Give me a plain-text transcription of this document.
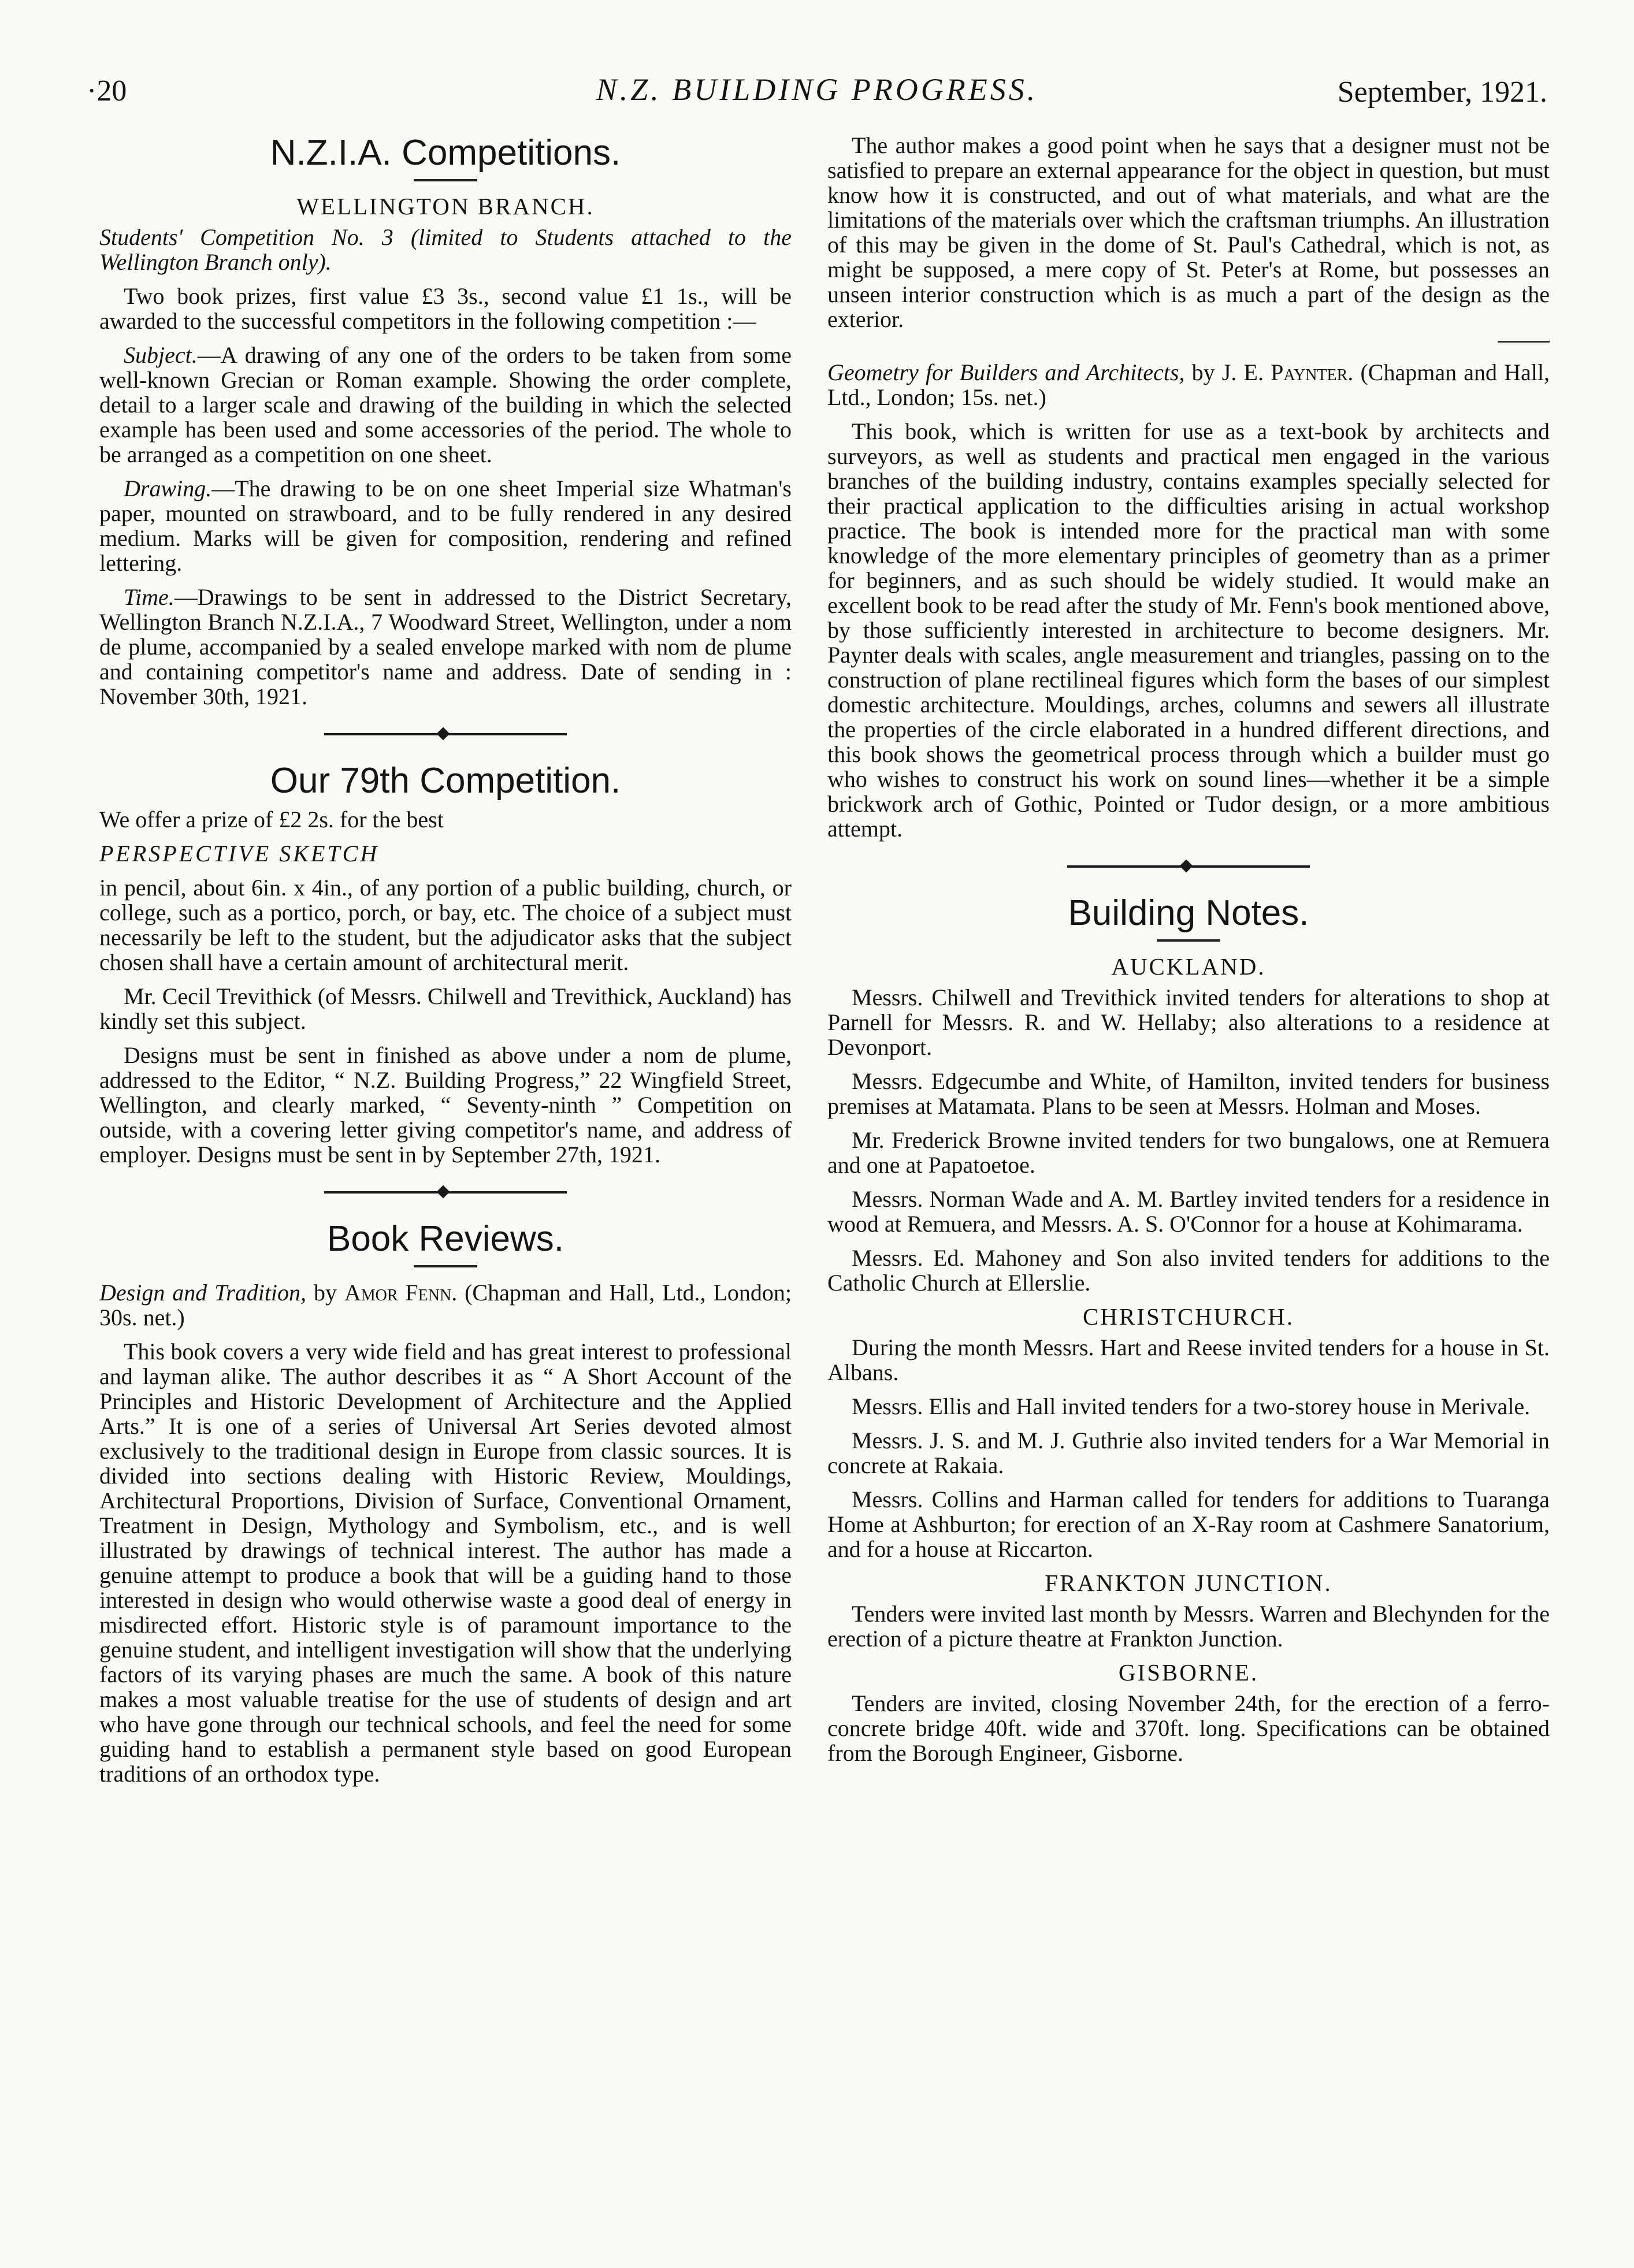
·20	N.Z. BUILDING PROGRESS.	September, 1921.
N.Z.I.A. Competitions.
WELLINGTON BRANCH.

Students' Competition No. 3 (limited to Students attached to the Wellington Branch only).

Two book prizes, first value £3 3s., second value £1 1s., will be awarded to the successful competitors in the following competition :—

Subject.—A drawing of any one of the orders to be taken from some well-known Grecian or Roman example. Showing the order complete, detail to a larger scale and drawing of the building in which the selected example has been used and some accessories of the period. The whole to be arranged as a competition on one sheet.

Drawing.—The drawing to be on one sheet Imperial size Whatman's paper, mounted on strawboard, and to be fully rendered in any desired medium. Marks will be given for composition, rendering and refined lettering.

Time.—Drawings to be sent in addressed to the District Secretary, Wellington Branch N.Z.I.A., 7 Woodward Street, Wellington, under a nom de plume, accompanied by a sealed envelope marked with nom de plume and containing competitor's name and address. Date of sending in : November 30th, 1921.

Our 79th Competition.

We offer a prize of £2 2s. for the best

PERSPECTIVE SKETCH

in pencil, about 6in. x 4in., of any portion of a public building, church, or college, such as a portico, porch, or bay, etc. The choice of a subject must necessarily be left to the student, but the adjudicator asks that the subject chosen shall have a certain amount of architectural merit.

Mr. Cecil Trevithick (of Messrs. Chilwell and Trevithick, Auckland) has kindly set this subject.

Designs must be sent in finished as above under a nom de plume, addressed to the Editor, “ N.Z. Building Progress,” 22 Wingfield Street, Wellington, and clearly marked, “ Seventy-ninth ” Competition on outside, with a covering letter giving competitor's name, and address of employer. Designs must be sent in by September 27th, 1921.

Book Reviews.

Design and Tradition, by Amor Fenn. (Chapman and Hall, Ltd., London; 30s. net.)

This book covers a very wide field and has great interest to professional and layman alike. The author describes it as “ A Short Account of the Principles and Historic Development of Architecture and the Applied Arts.” It is one of a series of Universal Art Series devoted almost exclusively to the traditional design in Europe from classic sources. It is divided into sections dealing with Historic Review, Mouldings, Architectural Proportions, Division of Surface, Conventional Ornament, Treatment in Design, Mythology and Symbolism, etc., and is well illustrated by drawings of technical interest. The author has made a genuine attempt to produce a book that will be a guiding hand to those interested in design who would otherwise waste a good deal of energy in misdirected effort. Historic style is of paramount importance to the genuine student, and intelligent investigation will show that the underlying factors of its varying phases are much the same. A book of this nature makes a most valuable treatise for the use of students of design and art who have gone through our technical schools, and feel the need for some guiding hand to establish a permanent style based on good European traditions of an orthodox type.

The author makes a good point when he says that a designer must not be satisfied to prepare an external appearance for the object in question, but must know how it is constructed, and out of what materials, and what are the limitations of the materials over which the craftsman triumphs. An illustration of this may be given in the dome of St. Paul's Cathedral, which is not, as might be supposed, a mere copy of St. Peter's at Rome, but possesses an unseen interior construction which is as much a part of the design as the exterior.

Geometry for Builders and Architects, by J. E. Paynter. (Chapman and Hall, Ltd., London; 15s. net.)

This book, which is written for use as a text-book by architects and surveyors, as well as students and practical men engaged in the various branches of the building industry, contains examples specially selected for their practical application to the difficulties arising in actual workshop practice. The book is intended more for the practical man with some knowledge of the more elementary principles of geometry than as a primer for beginners, and as such should be widely studied. It would make an excellent book to be read after the study of Mr. Fenn's book mentioned above, by those sufficiently interested in architecture to become designers. Mr. Paynter deals with scales, angle measurement and triangles, passing on to the construction of plane rectilineal figures which form the bases of our simplest domestic architecture. Mouldings, arches, columns and sewers all illustrate the properties of the circle elaborated in a hundred different directions, and this book shows the geometrical process through which a builder must go who wishes to construct his work on sound lines—whether it be a simple brickwork arch of Gothic, Pointed or Tudor design, or a more ambitious attempt.

Building Notes.
AUCKLAND.

Messrs. Chilwell and Trevithick invited tenders for alterations to shop at Parnell for Messrs. R. and W. Hellaby; also alterations to a residence at Devonport.

Messrs. Edgecumbe and White, of Hamilton, invited tenders for business premises at Matamata. Plans to be seen at Messrs. Holman and Moses.

Mr. Frederick Browne invited tenders for two bungalows, one at Remuera and one at Papatoetoe.

Messrs. Norman Wade and A. M. Bartley invited tenders for a residence in wood at Remuera, and Messrs. A. S. O'Connor for a house at Kohimarama.

Messrs. Ed. Mahoney and Son also invited tenders for additions to the Catholic Church at Ellerslie.

CHRISTCHURCH.

During the month Messrs. Hart and Reese invited tenders for a house in St. Albans.

Messrs. Ellis and Hall invited tenders for a two-storey house in Merivale.

Messrs. J. S. and M. J. Guthrie also invited tenders for a War Memorial in concrete at Rakaia.

Messrs. Collins and Harman called for tenders for additions to Tuaranga Home at Ashburton; for erection of an X-Ray room at Cashmere Sanatorium, and for a house at Riccarton.

FRANKTON JUNCTION.

Tenders were invited last month by Messrs. Warren and Blechynden for the erection of a picture theatre at Frankton Junction.

GISBORNE.

Tenders are invited, closing November 24th, for the erection of a ferro-concrete bridge 40ft. wide and 370ft. long. Specifications can be obtained from the Borough Engineer, Gisborne.
